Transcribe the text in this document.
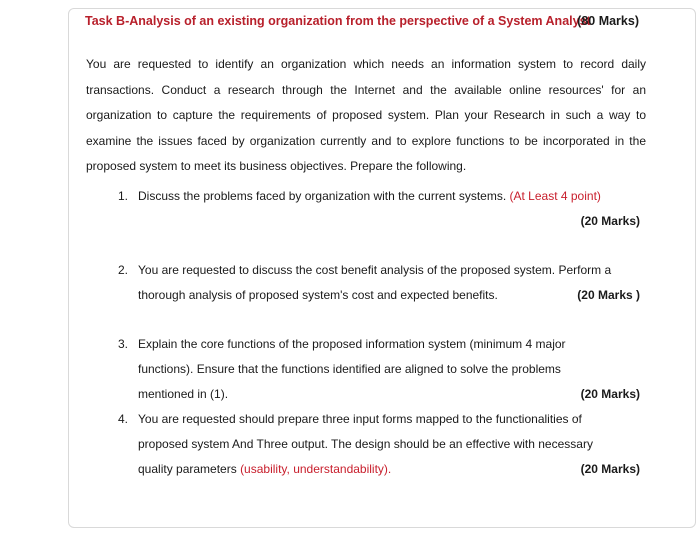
Task B-Analysis of an existing organization from the perspective of a System Analyst
(80 Marks)

You are requested to identify an organization which needs an information system to record daily transactions. Conduct a research through the Internet and the available online resources' for an organization to capture the requirements of proposed system. Plan your Research in such a way to examine the issues faced by organization currently and to explore functions to be incorporated in the proposed system to meet its business objectives. Prepare the following.

1. Discuss the problems faced by organization with the current systems. (At Least 4 point)
(20 Marks)
2. You are requested to discuss the cost benefit analysis of the proposed system. Perform a
thorough analysis of proposed system's cost and expected benefits.	(20 Marks )
3. Explain the core functions of the proposed information system (minimum 4 major
functions). Ensure that the functions identified are aligned to solve the problems
mentioned in (1).	(20 Marks)
4. You are requested should prepare three input forms mapped to the functionalities of
proposed system And Three output. The design should be an effective with necessary
quality parameters (usability, understandability).	(20 Marks)
